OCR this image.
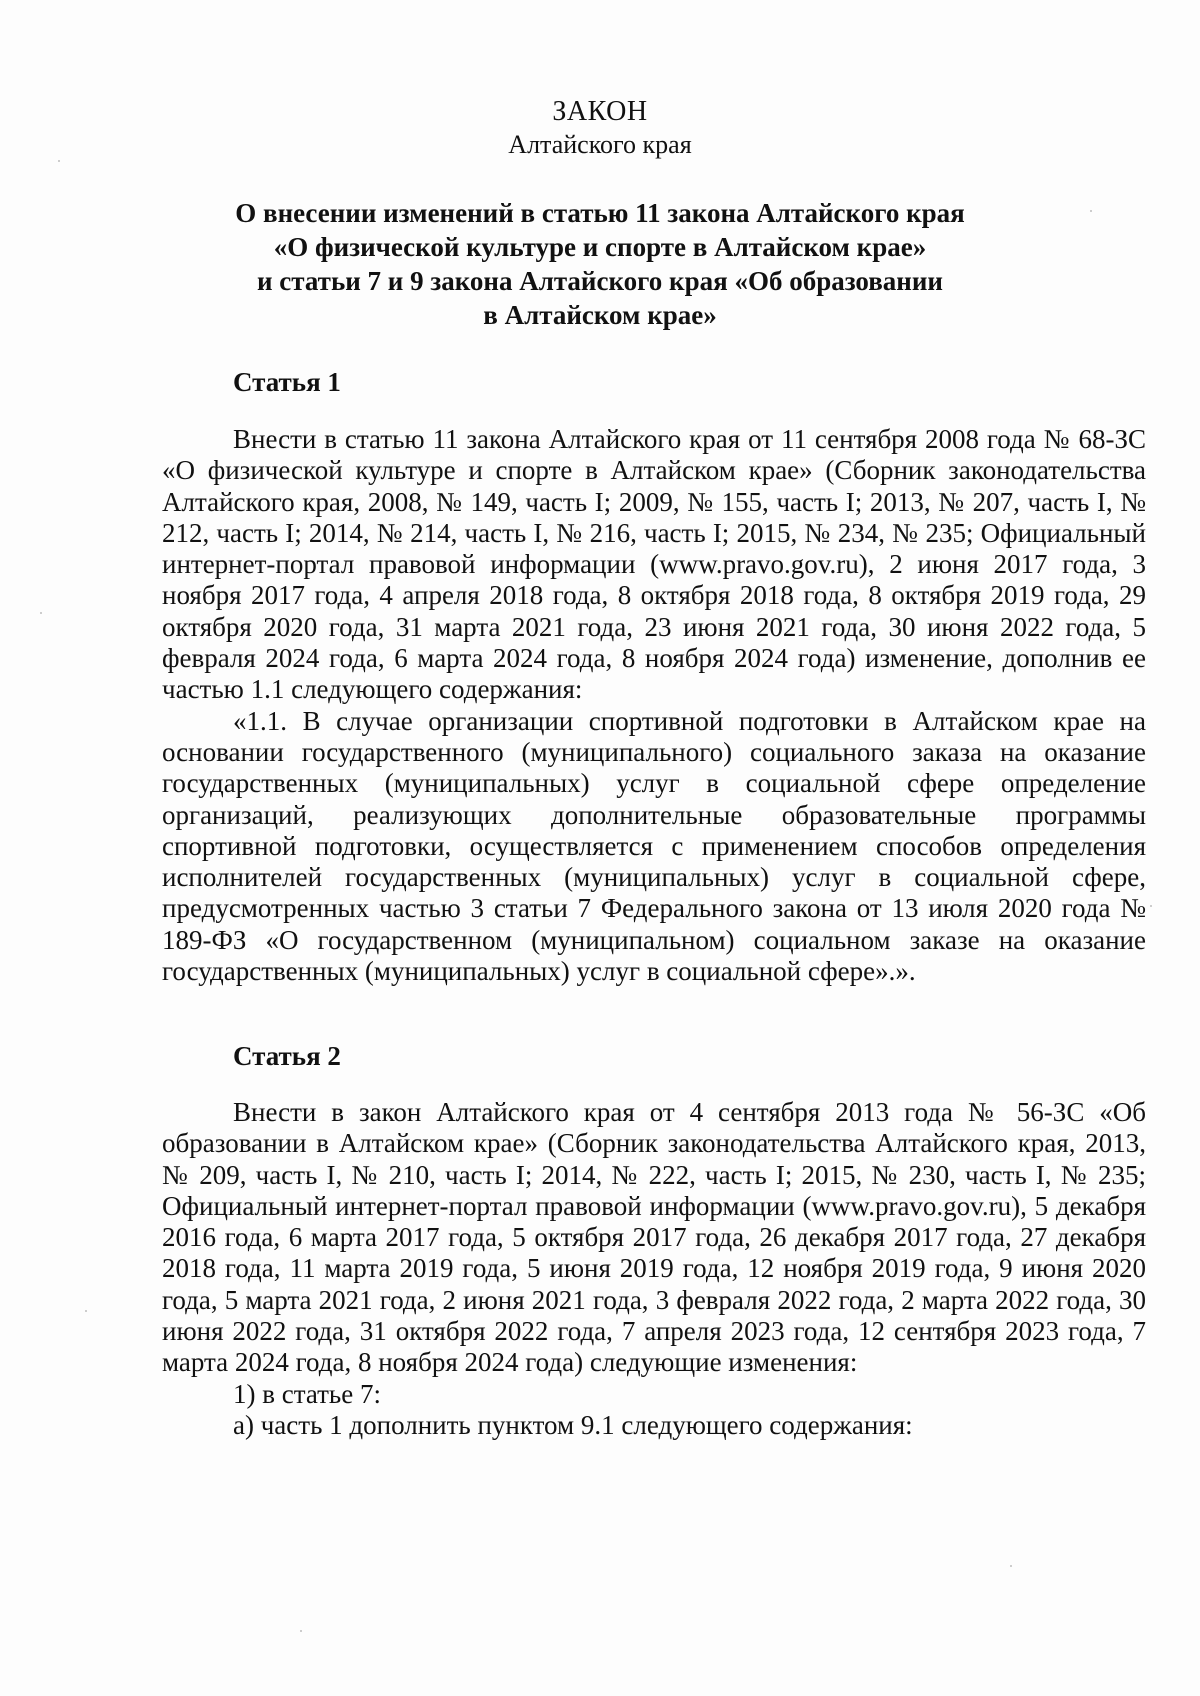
ЗАКОН
Алтайского края
О внесении изменений в статью 11 закона Алтайского края
«О физической культуре и спорте в Алтайском крае»
и статьи 7 и 9 закона Алтайского края «Об образовании
в Алтайском крае»
Статья 1

Внести в статью 11 закона Алтайского края от 11 сентября 2008 года № 68-ЗС «О физической культуре и спорте в Алтайском крае» (Сборник законодательства Алтайского края, 2008, № 149, часть I; 2009, № 155, часть I; 2013, № 207, часть I, № 212, часть I; 2014, № 214, часть I, № 216, часть I; 2015, № 234, № 235; Официальный интернет-портал правовой информации (www.pravo.gov.ru), 2 июня 2017 года, 3 ноября 2017 года, 4 апреля 2018 года, 8 октября 2018 года, 8 октября 2019 года, 29 октября 2020 года, 31 марта 2021 года, 23 июня 2021 года, 30 июня 2022 года, 5 февраля 2024 года, 6 марта 2024 года, 8 ноября 2024 года) изменение, дополнив ее частью 1.1 следующего содержания:

«1.1. В случае организации спортивной подготовки в Алтайском крае на основании государственного (муниципального) социального заказа на оказание государственных (муниципальных) услуг в социальной сфере определение организаций, реализующих дополнительные образовательные программы спортивной подготовки, осуществляется с применением способов определения исполнителей государственных (муниципальных) услуг в социальной сфере, предусмотренных частью 3 статьи 7 Федерального закона от 13 июля 2020 года № 189-ФЗ «О государственном (муниципальном) социальном заказе на оказание государственных (муниципальных) услуг в социальной сфере».».

Статья 2

Внести в закон Алтайского края от 4 сентября 2013 года № 56-ЗС «Об образовании в Алтайском крае» (Сборник законодательства Алтайского края, 2013, № 209, часть I, № 210, часть I; 2014, № 222, часть I; 2015, № 230, часть I, № 235; Официальный интернет-портал правовой информации (www.pravo.gov.ru), 5 декабря 2016 года, 6 марта 2017 года, 5 октября 2017 года, 26 декабря 2017 года, 27 декабря 2018 года, 11 марта 2019 года, 5 июня 2019 года, 12 ноября 2019 года, 9 июня 2020 года, 5 марта 2021 года, 2 июня 2021 года, 3 февраля 2022 года, 2 марта 2022 года, 30 июня 2022 года, 31 октября 2022 года, 7 апреля 2023 года, 12 сентября 2023 года, 7 марта 2024 года, 8 ноября 2024 года) следующие изменения:

1) в статье 7:

а) часть 1 дополнить пунктом 9.1 следующего содержания:
